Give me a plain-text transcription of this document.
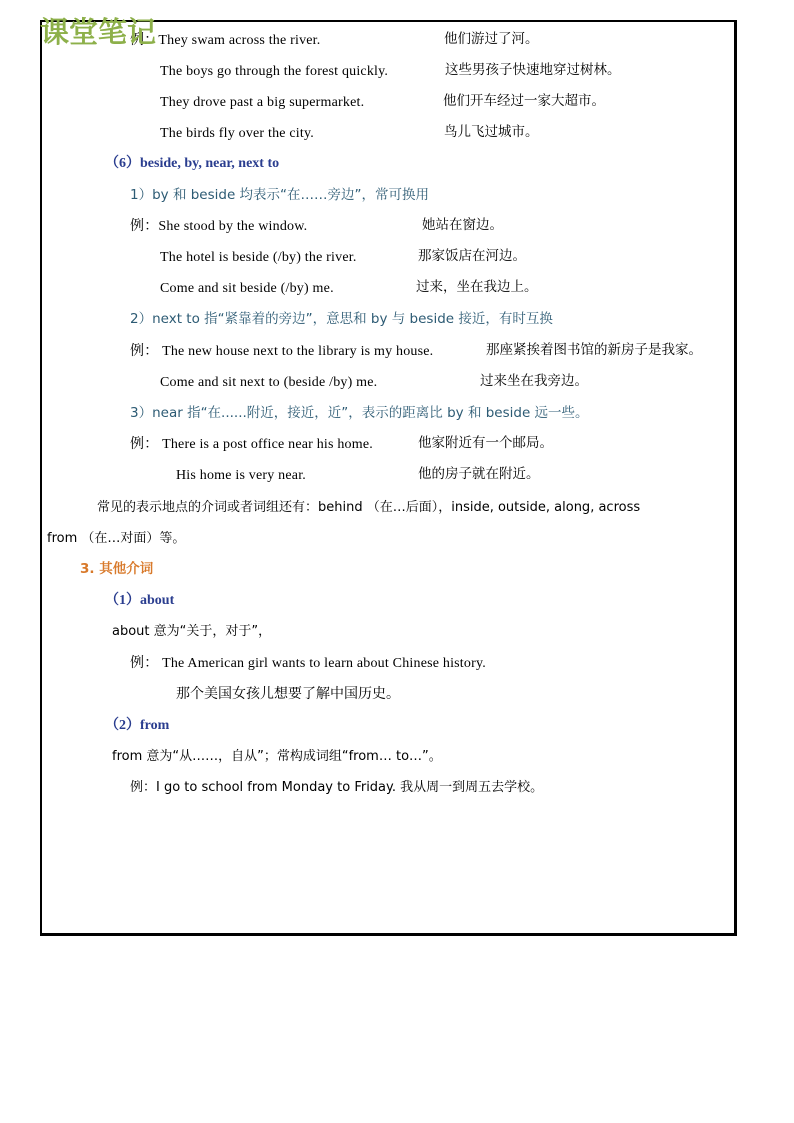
课堂笔记
例：They swam across the river.	他们游过了河。
The boys go through the forest quickly.	这些男孩子快速地穿过树林。
They drove past a big supermarket.	他们开车经过一家大超市。
The birds fly over the city.	鸟儿飞过城市。
（6）beside, by, near, next to
1）by 和 beside 均表示“在……旁边”，常可换用
例：She stood by the window.	她站在窗边。
The hotel is beside (/by) the river.	那家饭店在河边。
Come and sit beside (/by) me.	过来，坐在我边上。
2）next to 指“紧靠着的旁边”，意思和 by 与 beside 接近，有时互换
例： The new house next to the library is my house.	那座紧挨着图书馆的新房子是我家。
Come and sit next to (beside /by) me.	过来坐在我旁边。
3）near 指“在......附近，接近，近”，表示的距离比 by 和 beside 远一些。
例： There is a post office near his home.	他家附近有一个邮局。
His home is very near.	他的房子就在附近。
常见的表示地点的介词或者词组还有：behind （在…后面），inside, outside, along, across
from （在…对面）等。
3. 其他介词
（1）about
about 意为“关于，对于”，
例： The American girl wants to learn about Chinese history.
那个美国女孩儿想要了解中国历史。
（2）from
from 意为“从……，自从”；常构成词组“from… to…”。
例：I go to school from Monday to Friday. 我从周一到周五去学校。
